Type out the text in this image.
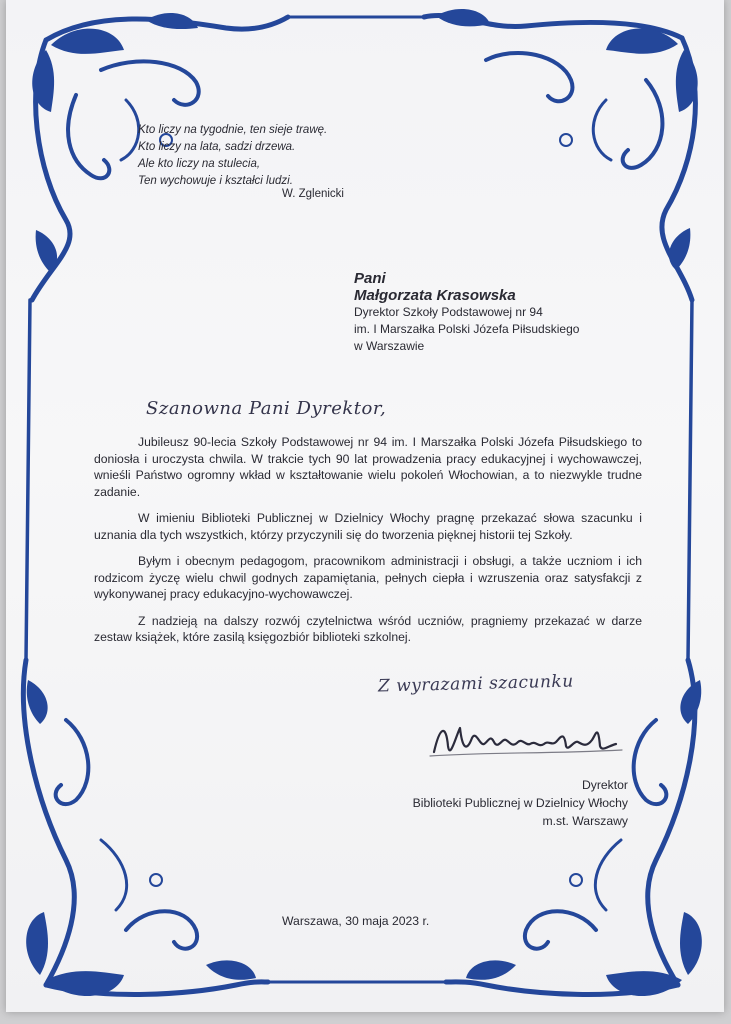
Kto liczy na tygodnie, ten sieje trawę.
Kto liczy na lata, sadzi drzewa.
Ale kto liczy na stulecia,
Ten wychowuje i kształci ludzi.
W. Zglenicki
Pani
Małgorzata Krasowska
Dyrektor Szkoły Podstawowej nr 94
im. I Marszałka Polski Józefa Piłsudskiego
w Warszawie
Szanowna Pani Dyrektor,

Jubileusz 90-lecia Szkoły Podstawowej nr 94 im. I Marszałka Polski Józefa Piłsudskiego to doniosła i uroczysta chwila. W trakcie tych 90 lat prowadzenia pracy edukacyjnej i wychowawczej, wnieśli Państwo ogromny wkład w kształtowanie wielu pokoleń Włochowian, a to niezwykle trudne zadanie.

W imieniu Biblioteki Publicznej w Dzielnicy Włochy pragnę przekazać słowa szacunku i uznania dla tych wszystkich, którzy przyczynili się do tworzenia pięknej historii tej Szkoły.

Byłym i obecnym pedagogom, pracownikom administracji i obsługi, a także uczniom i ich rodzicom życzę wielu chwil godnych zapamiętania, pełnych ciepła i wzruszenia oraz satysfakcji z wykonywanej pracy edukacyjno-wychowawczej.

Z nadzieją na dalszy rozwój czytelnictwa wśród uczniów, pragniemy przekazać w darze zestaw książek, które zasilą księgozbiór biblioteki szkolnej.

Z wyrazami szacunku
Dyrektor
Biblioteki Publicznej w Dzielnicy Włochy
m.st. Warszawy
Warszawa, 30 maja 2023 r.
